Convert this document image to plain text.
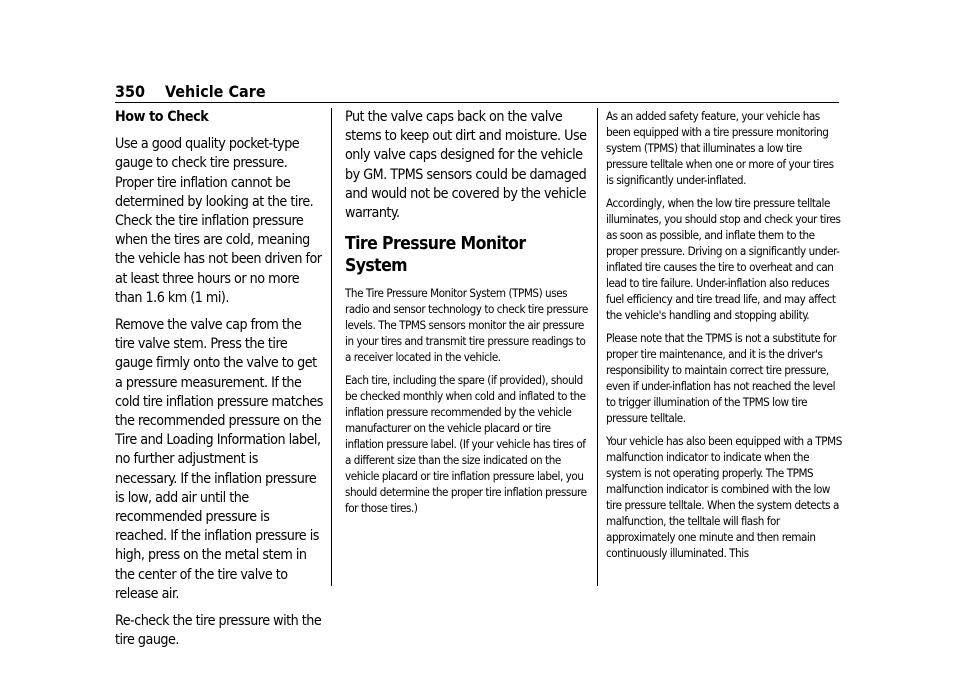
350 Vehicle Care
How to Check

Use a good quality pocket-type gauge to check tire pressure. Proper tire inflation cannot be determined by looking at the tire. Check the tire inflation pressure when the tires are cold, meaning the vehicle has not been driven for at least three hours or no more than 1.6 km (1 mi).

Remove the valve cap from the tire valve stem. Press the tire gauge firmly onto the valve to get a pressure measurement. If the cold tire inflation pressure matches the recommended pressure on the Tire and Loading Information label, no further adjustment is necessary. If the inflation pressure is low, add air until the recommended pressure is reached. If the inflation pressure is high, press on the metal stem in the center of the tire valve to release air.

Re-check the tire pressure with the tire gauge.

Put the valve caps back on the valve stems to keep out dirt and moisture. Use only valve caps designed for the vehicle by GM. TPMS sensors could be damaged and would not be covered by the vehicle warranty.

Tire Pressure Monitor System

The Tire Pressure Monitor System (TPMS) uses radio and sensor technology to check tire pressure levels. The TPMS sensors monitor the air pressure in your tires and transmit tire pressure readings to a receiver located in the vehicle.

Each tire, including the spare (if provided), should be checked monthly when cold and inflated to the inflation pressure recommended by the vehicle manufacturer on the vehicle placard or tire inflation pressure label. (If your vehicle has tires of a different size than the size indicated on the vehicle placard or tire inflation pressure label, you should determine the proper tire inflation pressure for those tires.)

As an added safety feature, your vehicle has been equipped with a tire pressure monitoring system (TPMS) that illuminates a low tire pressure telltale when one or more of your tires is significantly under-inflated.

Accordingly, when the low tire pressure telltale illuminates, you should stop and check your tires as soon as possible, and inflate them to the proper pressure. Driving on a significantly under-inflated tire causes the tire to overheat and can lead to tire failure. Under-inflation also reduces fuel efficiency and tire tread life, and may affect the vehicle's handling and stopping ability.

Please note that the TPMS is not a substitute for proper tire maintenance, and it is the driver's responsibility to maintain correct tire pressure, even if under-inflation has not reached the level to trigger illumination of the TPMS low tire pressure telltale.

Your vehicle has also been equipped with a TPMS malfunction indicator to indicate when the system is not operating properly. The TPMS malfunction indicator is combined with the low tire pressure telltale. When the system detects a malfunction, the telltale will flash for approximately one minute and then remain continuously illuminated. This
